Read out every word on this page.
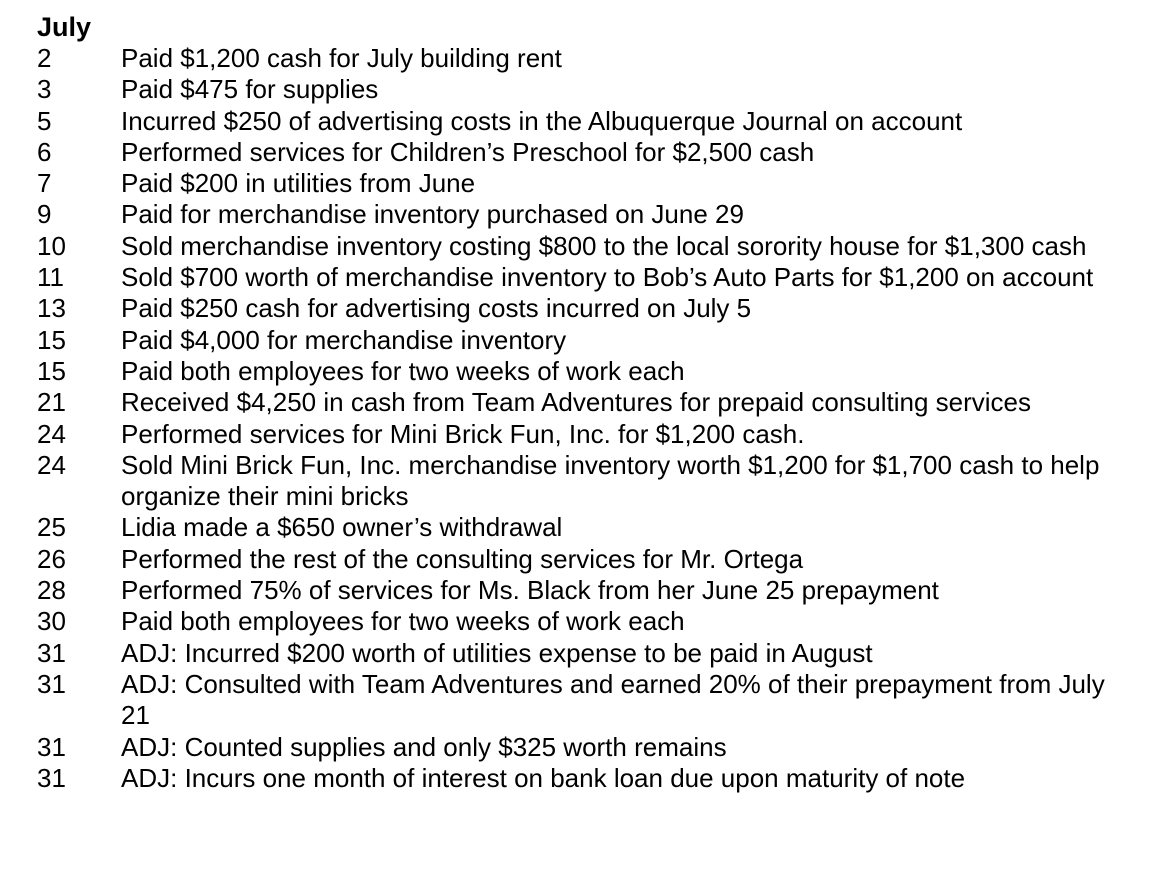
July
2	Paid $1,200 cash for July building rent
3	Paid $475 for supplies
5	Incurred $250 of advertising costs in the Albuquerque Journal on account
6	Performed services for Children’s Preschool for $2,500 cash
7	Paid $200 in utilities from June
9	Paid for merchandise inventory purchased on June 29
10	Sold merchandise inventory costing $800 to the local sorority house for $1,300 cash
11	Sold $700 worth of merchandise inventory to Bob’s Auto Parts for $1,200 on account
13	Paid $250 cash for advertising costs incurred on July 5
15	Paid $4,000 for merchandise inventory
15	Paid both employees for two weeks of work each
21	Received $4,250 in cash from Team Adventures for prepaid consulting services
24	Performed services for Mini Brick Fun, Inc. for $1,200 cash.
24	Sold Mini Brick Fun, Inc. merchandise inventory worth $1,200 for $1,700 cash to help organize their mini bricks
25	Lidia made a $650 owner’s withdrawal
26	Performed the rest of the consulting services for Mr. Ortega
28	Performed 75% of services for Ms. Black from her June 25 prepayment
30	Paid both employees for two weeks of work each
31	ADJ: Incurred $200 worth of utilities expense to be paid in August
31	ADJ: Consulted with Team Adventures and earned 20% of their prepayment from July 21
31	ADJ: Counted supplies and only $325 worth remains
31	ADJ: Incurs one month of interest on bank loan due upon maturity of note
